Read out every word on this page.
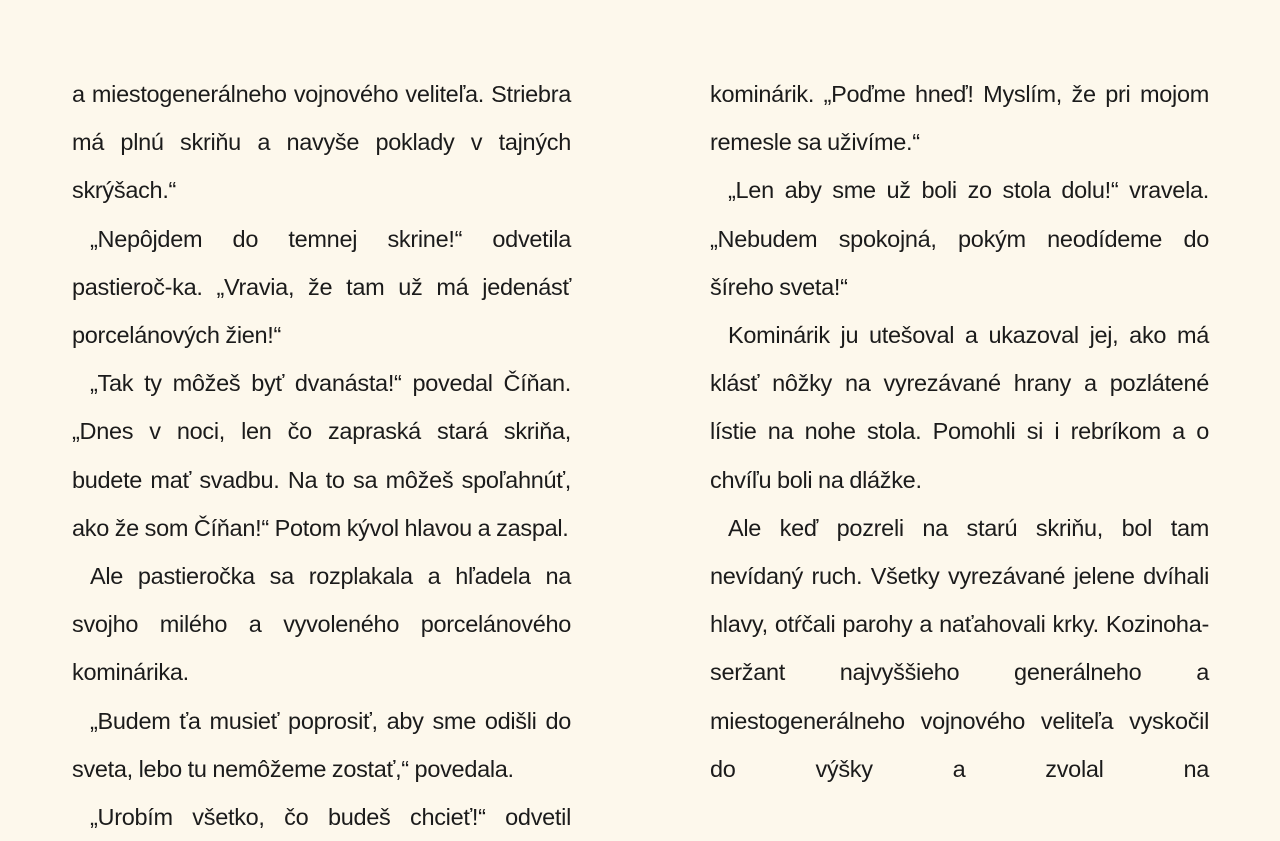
a miestogenerálneho vojnového veliteľa. Striebra má plnú skriňu a navyše poklady v tajných skrýšach.“

„Nepôjdem do temnej skrine!“ odvetila pastieroč-ka. „Vravia, že tam už má jedenásť porcelánových žien!“

„Tak ty môžeš byť dvanásta!“ povedal Číňan. „Dnes v noci, len čo zapraská stará skriňa, budete mať svadbu. Na to sa môžeš spoľahnúť, ako že som Číňan!“ Potom kývol hlavou a zaspal.

Ale pastieročka sa rozplakala a hľadela na svojho milého a vyvoleného porcelánového kominárika.

„Budem ťa musieť poprosiť, aby sme odišli do sveta, lebo tu nemôžeme zostať,“ povedala.

„Urobím všetko, čo budeš chcieť!“ odvetil

kominárik. „Poďme hneď! Myslím, že pri mojom remesle sa uživíme.“

„Len aby sme už boli zo stola dolu!“ vravela. „Nebudem spokojná, pokým neodídeme do šíreho sveta!“

Kominárik ju utešoval a ukazoval jej, ako má klásť nôžky na vyrezávané hrany a pozlátené lístie na nohe stola. Pomohli si i rebríkom a o chvíľu boli na dlážke.

Ale keď pozreli na starú skriňu, bol tam nevídaný ruch. Všetky vyrezávané jelene dvíhali hlavy, otŕčali parohy a naťahovali krky. Kozinoha-seržant najvyššieho generálneho a miestogenerálneho vojnového veliteľa vyskočil do výšky a zvolal na
